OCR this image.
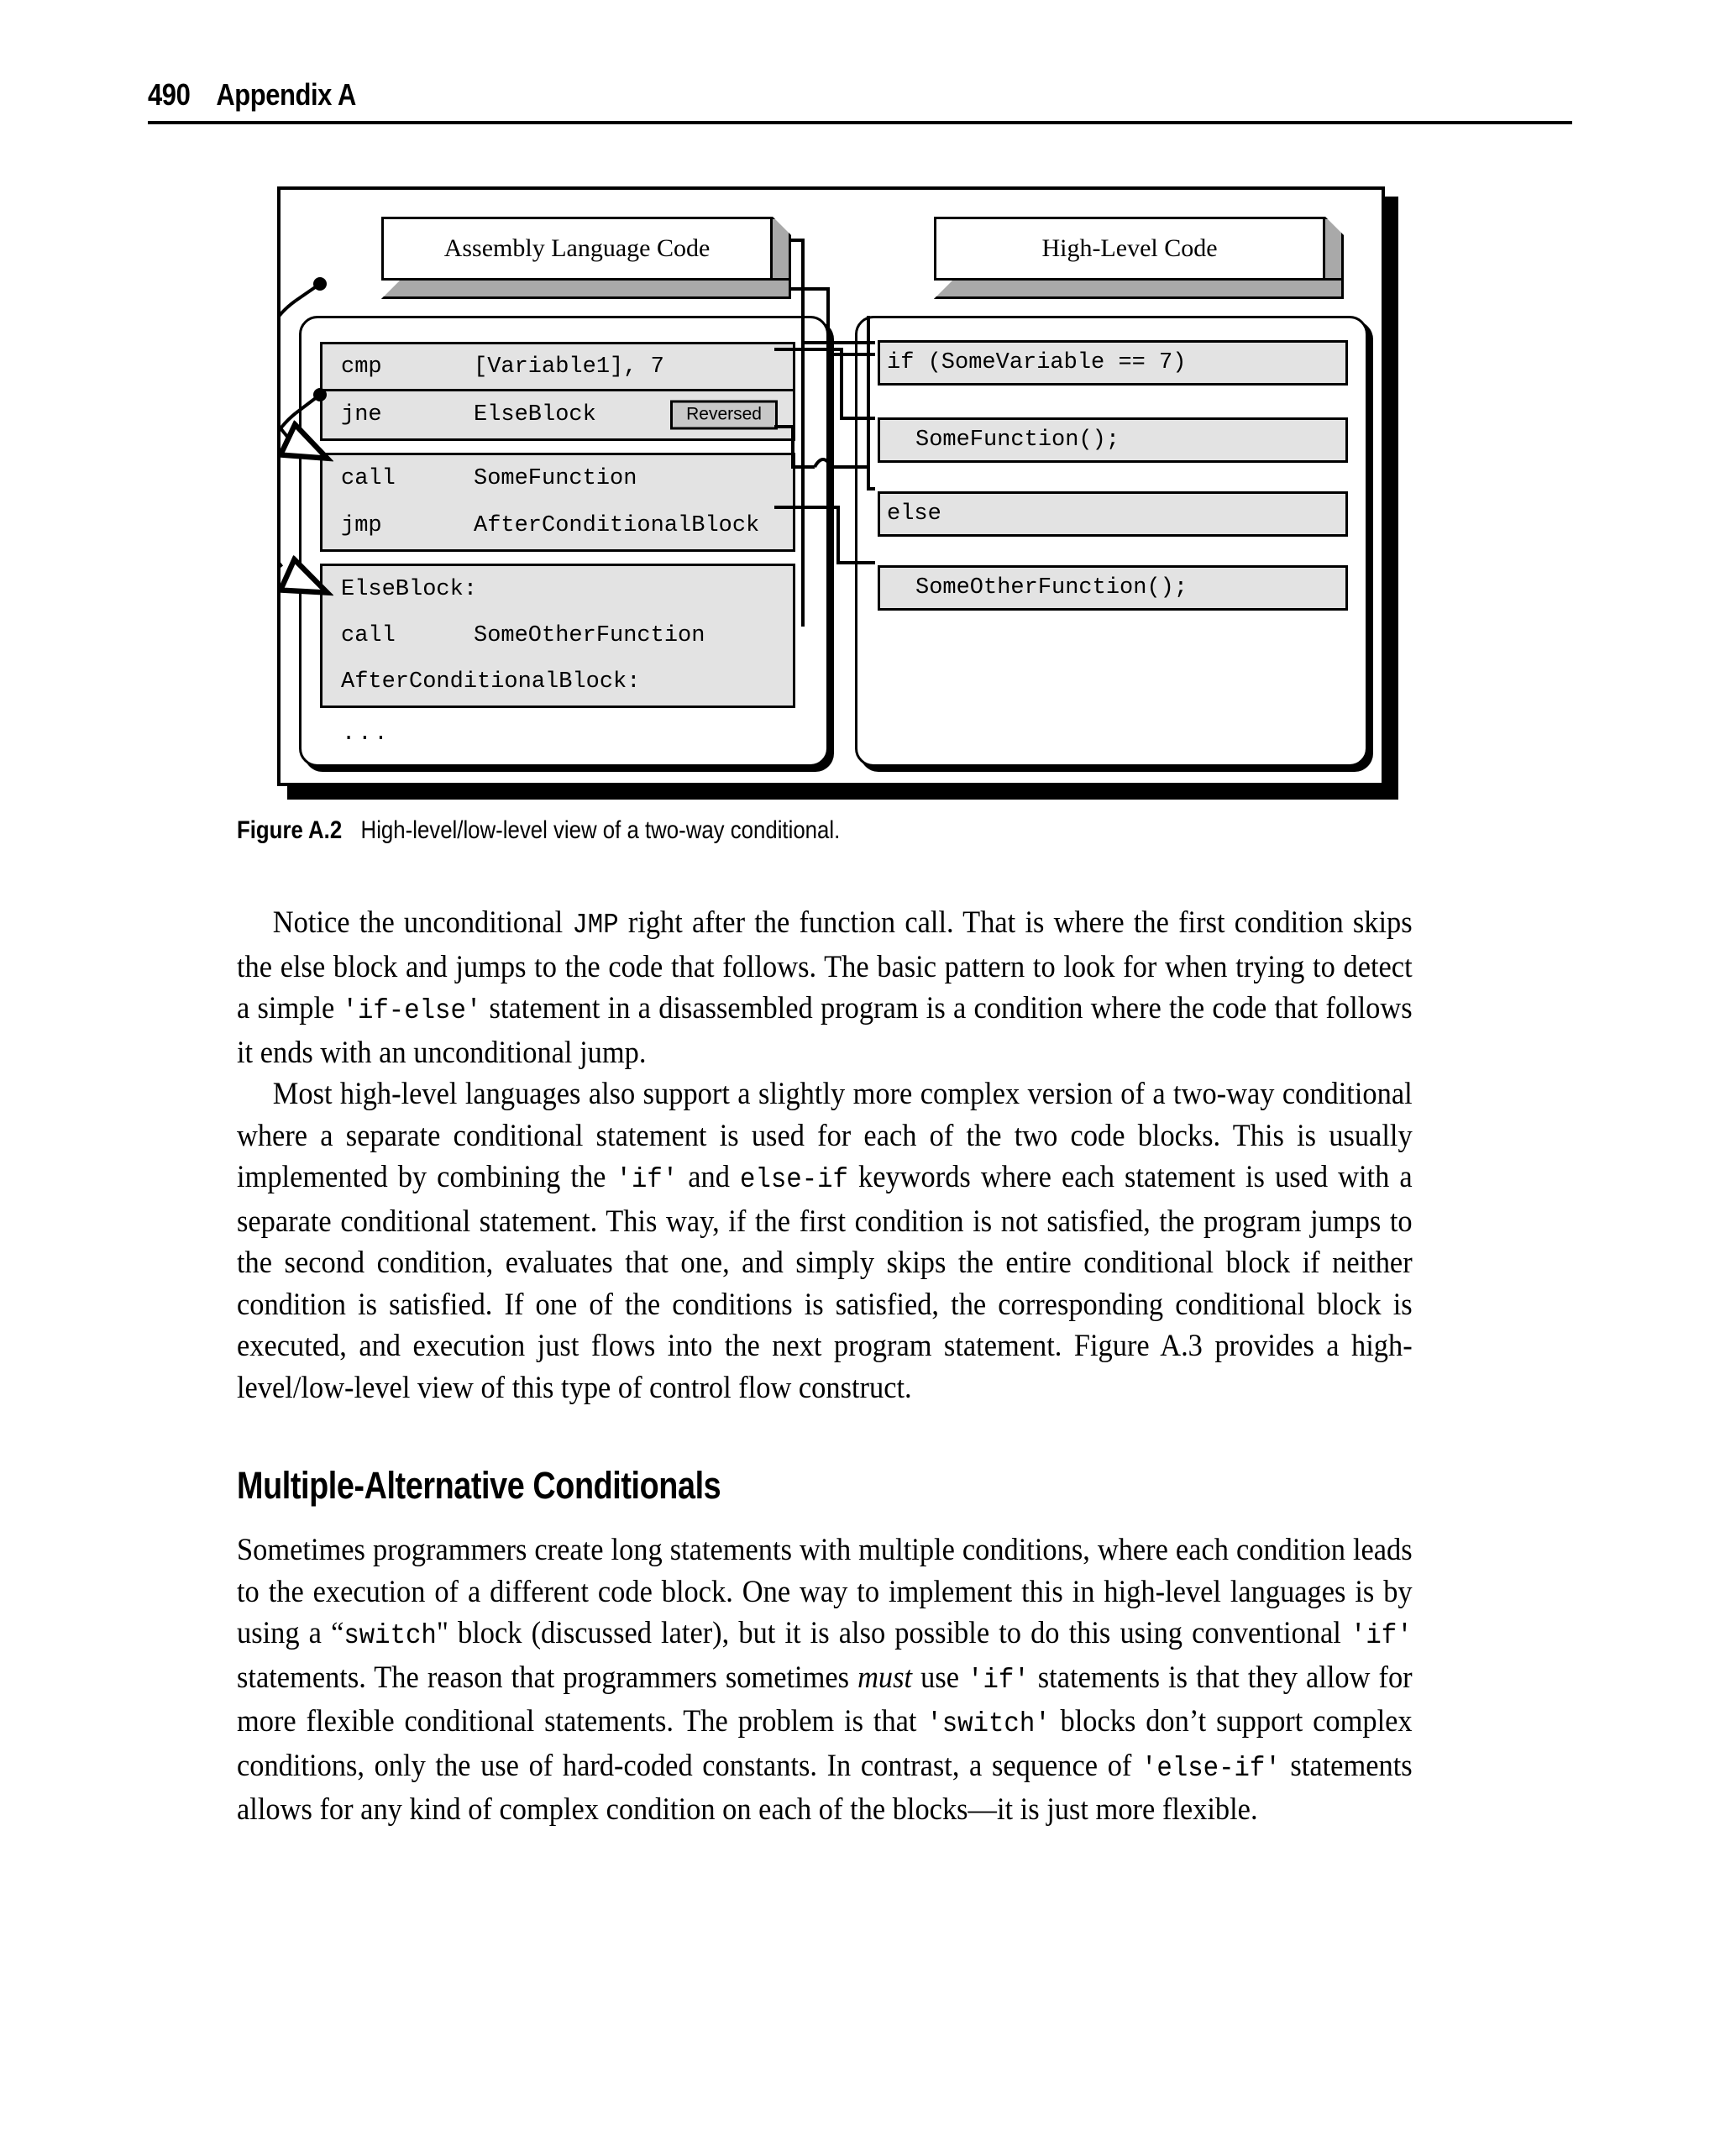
490 Appendix A
Assembly Language Code	High-Level Code
cmp	[Variable1], 7
jne	ElseBlock	Reversed
call	SomeFunction
jmp	AfterConditionalBlock
ElseBlock:
call	SomeOtherFunction
AfterConditionalBlock:
...
if (SomeVariable == 7)
SomeFunction();
else
SomeOtherFunction();
Figure A.2 High-level/low-level view of a two-way conditional.

Notice the unconditional JMP right after the function call. That is where the first condition skips the else block and jumps to the code that follows. The basic pattern to look for when trying to detect a simple 'if-else' statement in a disassembled program is a condition where the code that follows it ends with an unconditional jump.

Most high-level languages also support a slightly more complex version of a two-way conditional where a separate conditional statement is used for each of the two code blocks. This is usually implemented by combining the 'if' and else-if keywords where each statement is used with a separate conditional statement. This way, if the first condition is not satisfied, the program jumps to the second condition, evaluates that one, and simply skips the entire conditional block if neither condition is satisfied. If one of the conditions is satisfied, the corresponding conditional block is executed, and execution just flows into the next program statement. Figure A.3 provides a high-level/low-level view of this type of control flow construct.

Multiple-Alternative Conditionals

Sometimes programmers create long statements with multiple conditions, where each condition leads to the execution of a different code block. One way to implement this in high-level languages is by using a “switch" block (discussed later), but it is also possible to do this using conventional 'if' statements. The reason that programmers sometimes must use 'if' statements is that they allow for more flexible conditional statements. The problem is that 'switch' blocks don’t support complex conditions, only the use of hard-coded constants. In contrast, a sequence of 'else-if' statements allows for any kind of complex condition on each of the blocks—it is just more flexible.
